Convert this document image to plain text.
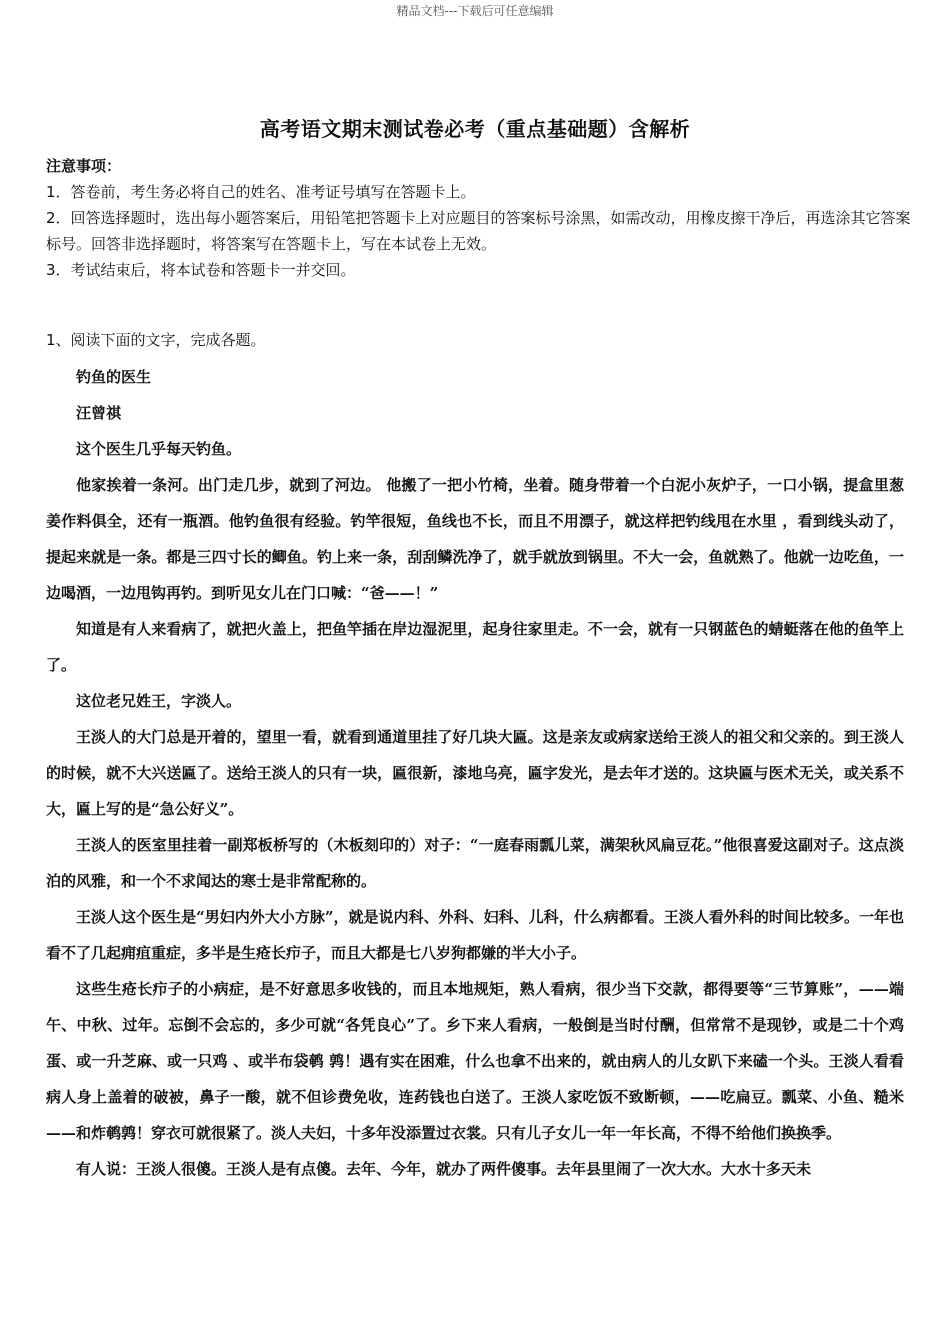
精品文档---下载后可任意编辑
高考语文期末测试卷必考（重点基础题）含解析

注意事项：

1．答卷前，考生务必将自己的姓名、准考证号填写在答题卡上。

2．回答选择题时，选出每小题答案后，用铅笔把答题卡上对应题目的答案标号涂黑，如需改动，用橡皮擦干净后，再选涂其它答案标号。回答非选择题时，将答案写在答题卡上，写在本试卷上无效。

3．考试结束后，将本试卷和答题卡一并交回。

1、阅读下面的文字，完成各题。

钓鱼的医生

汪曾祺

这个医生几乎每天钓鱼。

他家挨着一条河。出门走几步，就到了河边。 他搬了一把小竹椅，坐着。随身带着一个白泥小灰炉子，一口小锅，提盒里葱姜作料俱全，还有一瓶酒。他钓鱼很有经验。钓竿很短，鱼线也不长，而且不用漂子，就这样把钓线甩在水里 ，看到线头动了，提起来就是一条。都是三四寸长的鲫鱼。钓上来一条，刮刮鳞洗净了，就手就放到锅里。不大一会，鱼就熟了。他就一边吃鱼，一边喝酒，一边甩钩再钓。到听见女儿在门口喊：“爸——！”

知道是有人来看病了，就把火盖上，把鱼竿插在岸边湿泥里，起身往家里走。不一会，就有一只钢蓝色的蜻蜓落在他的鱼竿上了。

这位老兄姓王，字淡人。

王淡人的大门总是开着的，望里一看，就看到通道里挂了好几块大匾。这是亲友或病家送给王淡人的祖父和父亲的。到王淡人的时候，就不大兴送匾了。送给王淡人的只有一块，匾很新，漆地乌亮，匾字发光，是去年才送的。这块匾与医术无关，或关系不大，匾上写的是“急公好义”。

王淡人的医室里挂着一副郑板桥写的（木板刻印的）对子：“一庭春雨瓢儿菜，满架秋风扁豆花。”他很喜爱这副对子。这点淡泊的风雅，和一个不求闻达的寒士是非常配称的。

王淡人这个医生是“男妇内外大小方脉”，就是说内科、外科、妇科、儿科，什么病都看。王淡人看外科的时间比较多。一年也看不了几起痈疽重症，多半是生疮长疖子，而且大都是七八岁狗都嫌的半大小子。

这些生疮长疖子的小病症，是不好意思多收钱的，而且本地规矩，熟人看病，很少当下交款，都得要等“三节算账”，——端午、中秋、过年。忘倒不会忘的，多少可就“各凭良心”了。乡下来人看病，一般倒是当时付酬，但常常不是现钞，或是二十个鸡蛋、或一升芝麻、或一只鸡 、或半布袋鹌 鹑！遇有实在困难，什么也拿不出来的，就由病人的儿女趴下来磕一个头。王淡人看看病人身上盖着的破被，鼻子一酸，就不但诊费免收，连药钱也白送了。王淡人家吃饭不致断顿，——吃扁豆。瓢菜、小鱼、糙米——和炸鹌鹑！穿衣可就很紧了。淡人夫妇，十多年没添置过衣裳。只有儿子女儿一年一年长高，不得不给他们换换季。

有人说：王淡人很傻。王淡人是有点傻。去年、今年，就办了两件傻事。去年县里闹了一次大水。大水十多天未
